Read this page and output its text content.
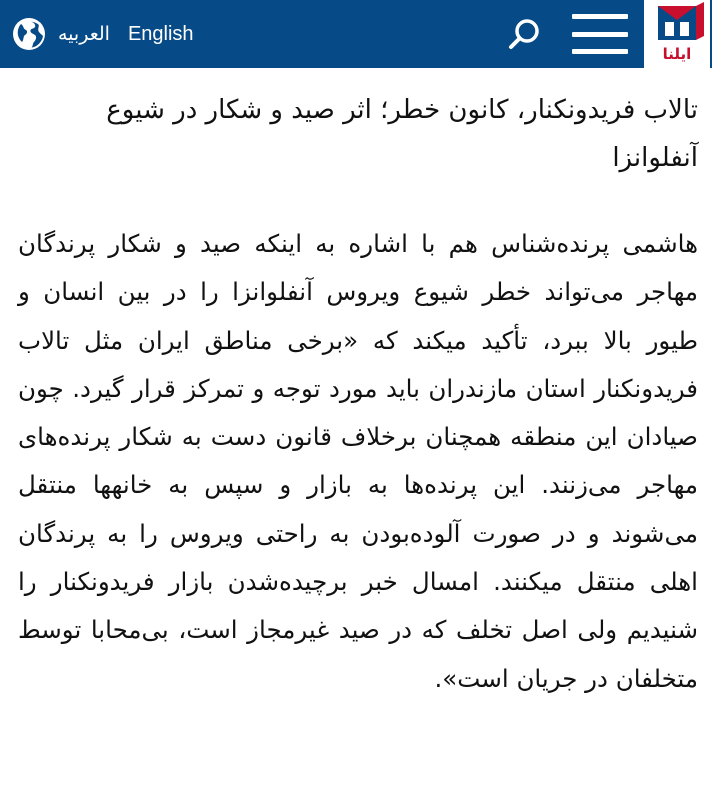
العربیه English
ایلنا
تالاب فریدونکنار، کانون خطر؛ اثر صید و شکار در شیوع آنفلوانزا

هاشمی پرنده‌شناس هم با اشاره به اینکه صید و شکار پرندگان مهاجر می‌تواند خطر شیوع ویروس آنفلوانزا را در بین انسان و طیور بالا ببرد، تأکید میکند که «برخی مناطق ایران مثل تالاب فریدونکنار استان مازندران باید مورد توجه و تمرکز قرار گیرد. چون صیادان این منطقه همچنان برخلاف قانون دست به شکار پرنده‌های مهاجر می‌زنند. این پرنده‌ها به بازار و سپس به خانهها منتقل می‌شوند و در صورت آلوده‌بودن به راحتی ویروس را به پرندگان اهلی منتقل میکنند. امسال خبر برچیده‌شدن بازار فریدونکنار را شنیدیم ولی اصل تخلف که در صید غیرمجاز است، بی‌محابا توسط متخلفان در جریان است».
